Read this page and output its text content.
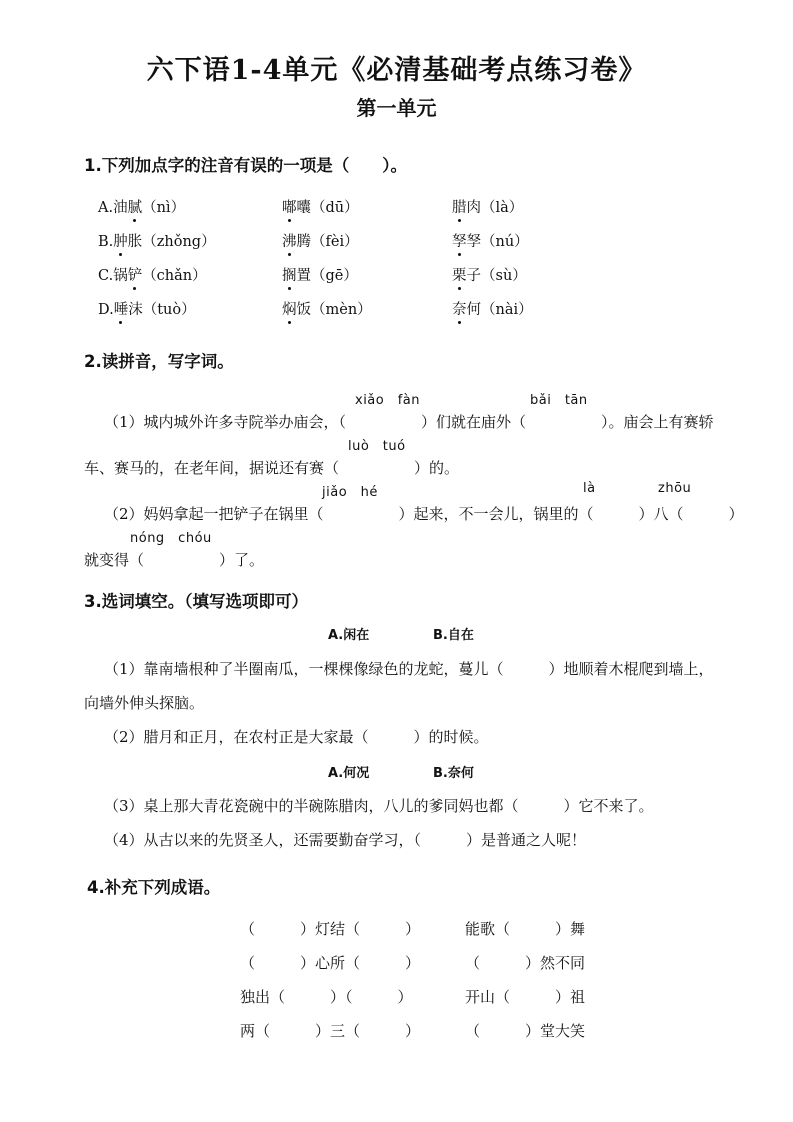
六下语1-4单元《必清基础考点练习卷》
第一单元
1.下列加点字的注音有误的一项是（　　）。
A.油腻（nì）	嘟囔（dū）	腊肉（là）
B.肿胀（zhǒng）	沸腾（fèi）	孥孥（nú）
C.锅铲（chǎn）	搁置（gē）	栗子（sù）
D.唾沫（tuò）	焖饭（mèn）	奈何（nài）
2.读拼音，写字词。
xiǎo　fàn	bǎi　tān
（1）城内城外许多寺院举办庙会，（　　　　　）们就在庙外（　　　　　）。庙会上有赛轿
luò　tuó
车、赛马的，在老年间，据说还有赛（　　　　　）的。
jiǎo　hé	là	zhōu
（2）妈妈拿起一把铲子在锅里（　　　　　）起来，不一会儿，锅里的（　　　）八（　　　）
nóng　chóu
就变得（　　　　　）了。
3.选词填空。（填写选项即可）
A.闲在	B.自在
（1）靠南墙根种了半圈南瓜，一棵棵像绿色的龙蛇，蔓儿（　　　）地顺着木棍爬到墙上，
向墙外伸头探脑。
（2）腊月和正月，在农村正是大家最（　　　）的时候。
A.何况	B.奈何
（3）桌上那大青花瓷碗中的半碗陈腊肉，八儿的爹同妈也都（　　　）它不来了。
（4）从古以来的先贤圣人，还需要勤奋学习，（　　　）是普通之人呢！
4.补充下列成语。
（　　　）灯结（　　　）	能歌（　　　）舞
（　　　）心所（　　　）	（　　　）然不同
独出（　　　）（　　　）	开山（　　　）祖
两（　　　）三（　　　）	（　　　）堂大笑
